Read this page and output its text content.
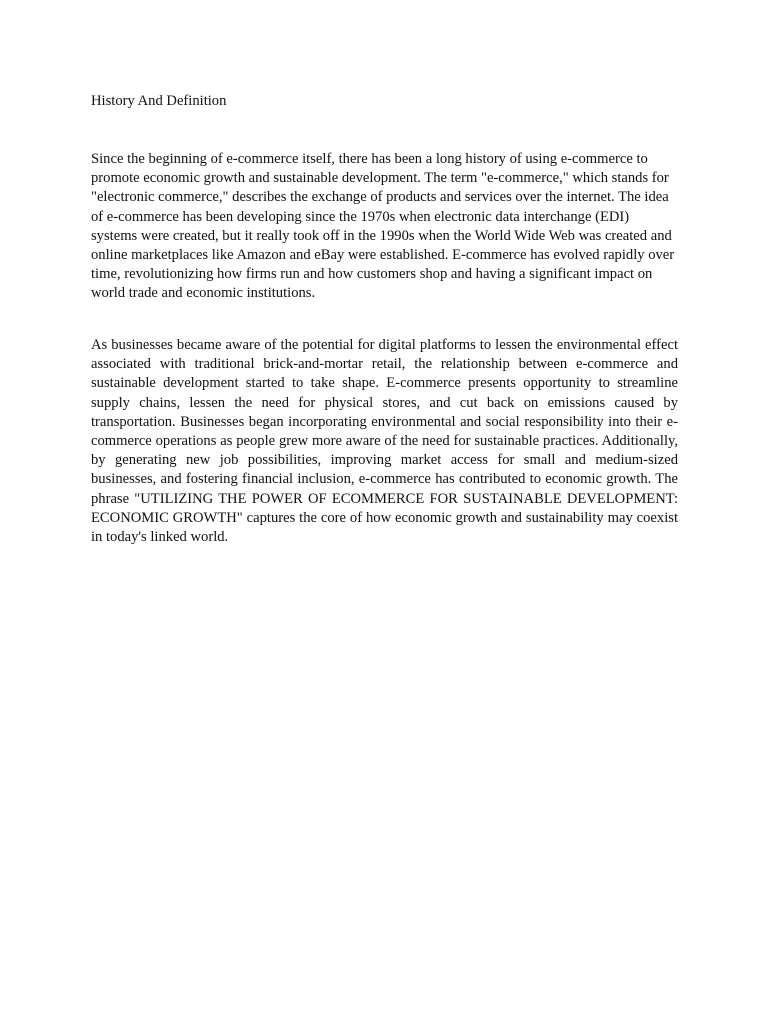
History And Definition

Since the beginning of e-commerce itself, there has been a long history of using e-commerce to promote economic growth and sustainable development. The term "e-commerce," which stands for "electronic commerce," describes the exchange of products and services over the internet. The idea of e-commerce has been developing since the 1970s when electronic data interchange (EDI) systems were created, but it really took off in the 1990s when the World Wide Web was created and online marketplaces like Amazon and eBay were established. E-commerce has evolved rapidly over time, revolutionizing how firms run and how customers shop and having a significant impact on world trade and economic institutions.

As businesses became aware of the potential for digital platforms to lessen the environmental effect associated with traditional brick-and-mortar retail, the relationship between e-commerce and sustainable development started to take shape. E-commerce presents opportunity to streamline supply chains, lessen the need for physical stores, and cut back on emissions caused by transportation. Businesses began incorporating environmental and social responsibility into their e-commerce operations as people grew more aware of the need for sustainable practices. Additionally, by generating new job possibilities, improving market access for small and medium-sized businesses, and fostering financial inclusion, e-commerce has contributed to economic growth. The phrase "UTILIZING THE POWER OF ECOMMERCE FOR SUSTAINABLE DEVELOPMENT: ECONOMIC GROWTH" captures the core of how economic growth and sustainability may coexist in today's linked world.
